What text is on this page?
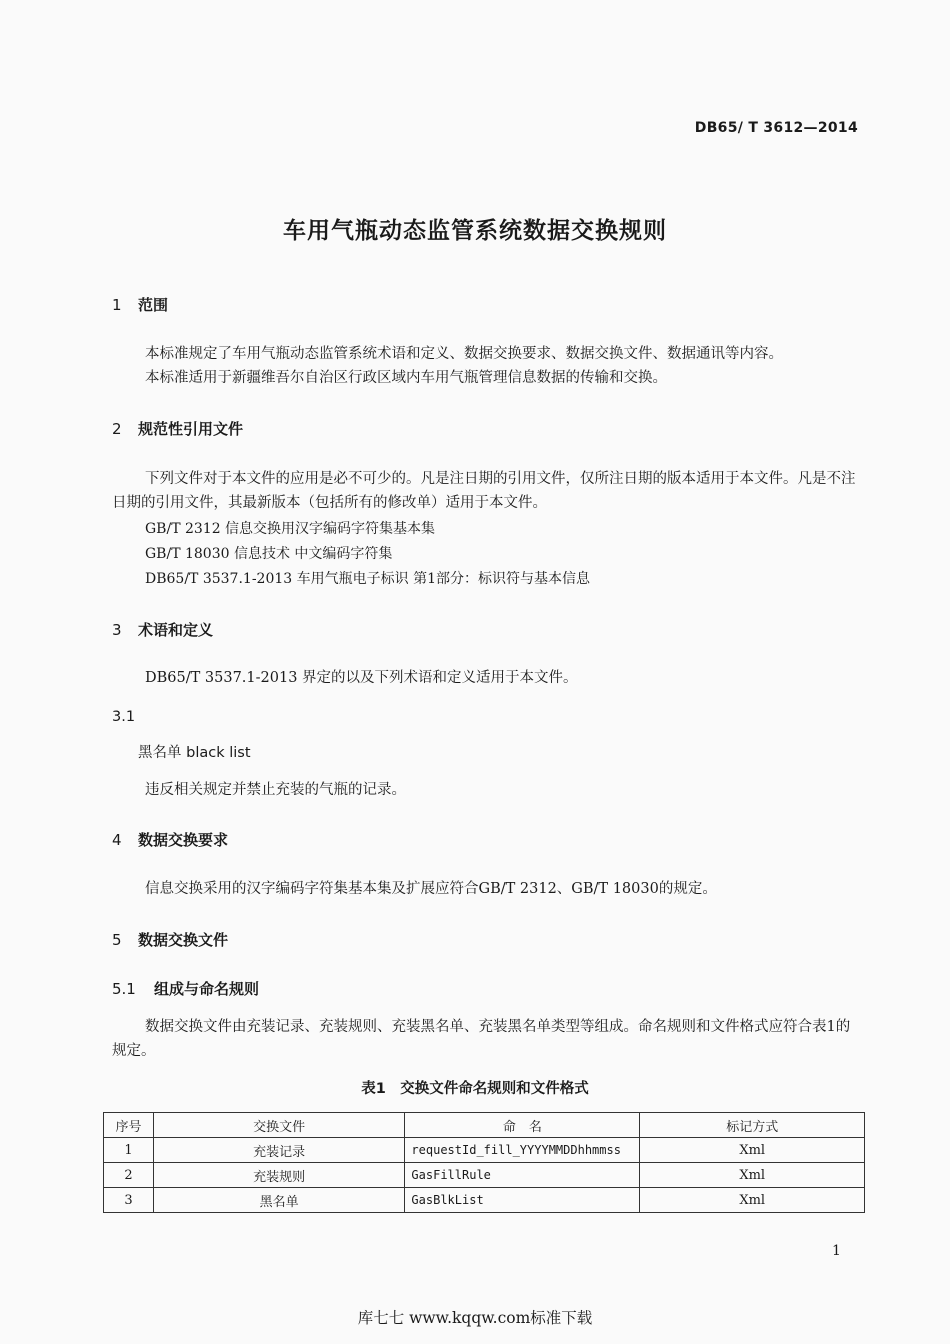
DB65/ T 3612—2014
车用气瓶动态监管系统数据交换规则
1 范围
本标准规定了车用气瓶动态监管系统术语和定义、数据交换要求、数据交换文件、数据通讯等内容。
本标准适用于新疆维吾尔自治区行政区域内车用气瓶管理信息数据的传输和交换。
2 规范性引用文件
下列文件对于本文件的应用是必不可少的。凡是注日期的引用文件，仅所注日期的版本适用于本文件。凡是不注日期的引用文件，其最新版本（包括所有的修改单）适用于本文件。
GB/T 2312 信息交换用汉字编码字符集基本集
GB/T 18030 信息技术 中文编码字符集
DB65/T 3537.1-2013 车用气瓶电子标识 第1部分：标识符与基本信息
3 术语和定义
DB65/T 3537.1-2013 界定的以及下列术语和定义适用于本文件。
3.1
黑名单 black list
违反相关规定并禁止充装的气瓶的记录。
4 数据交换要求
信息交换采用的汉字编码字符集基本集及扩展应符合GB/T 2312、GB/T 18030的规定。
5 数据交换文件
5.1 组成与命名规则
数据交换文件由充装记录、充装规则、充装黑名单、充装黑名单类型等组成。命名规则和文件格式应符合表1的规定。
表1　交换文件命名规则和文件格式
序号	交换文件	命　名	标记方式
1	充装记录	requestId_fill_YYYYMMDDhhmmss	Xml
2	充装规则	GasFillRule	Xml
3	黑名单	GasBlkList	Xml
1
库七七 www.kqqw.com标准下载
